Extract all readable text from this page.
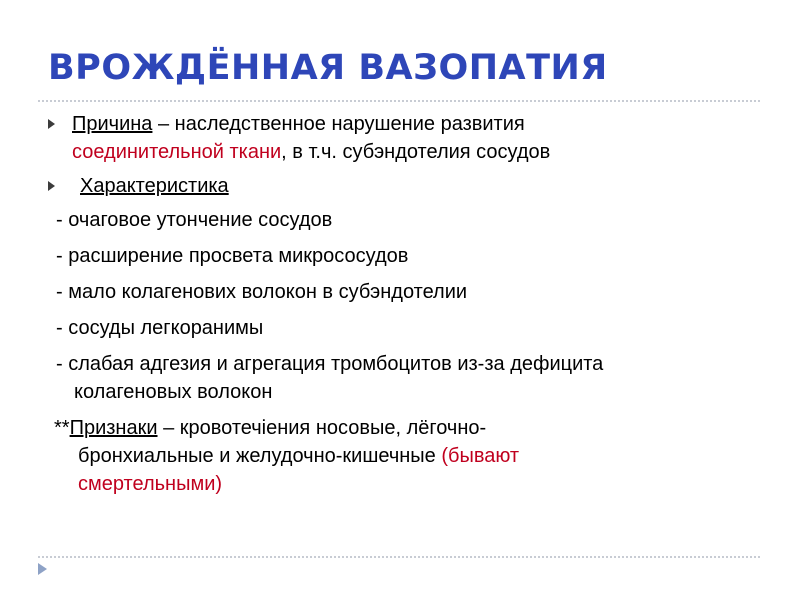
ВРОЖДЁННАЯ ВАЗОПАТИЯ
Причина – наследственное нарушение развития
соединительной ткани, в т.ч. субэндотелия сосудов
Характеристика
- очаговое утончение сосудов
- расширение просвета микрососудов
- мало колагенових волокон в субэндотелии
- сосуды легкоранимы
- слабая адгезия и агрегация тромбоцитов из-за дефицита
колагеновых волокон
**Признаки – кровотечіения носовые, лёгочно-
бронхиальные и желудочно-кишечные (бывают
смертельными)
